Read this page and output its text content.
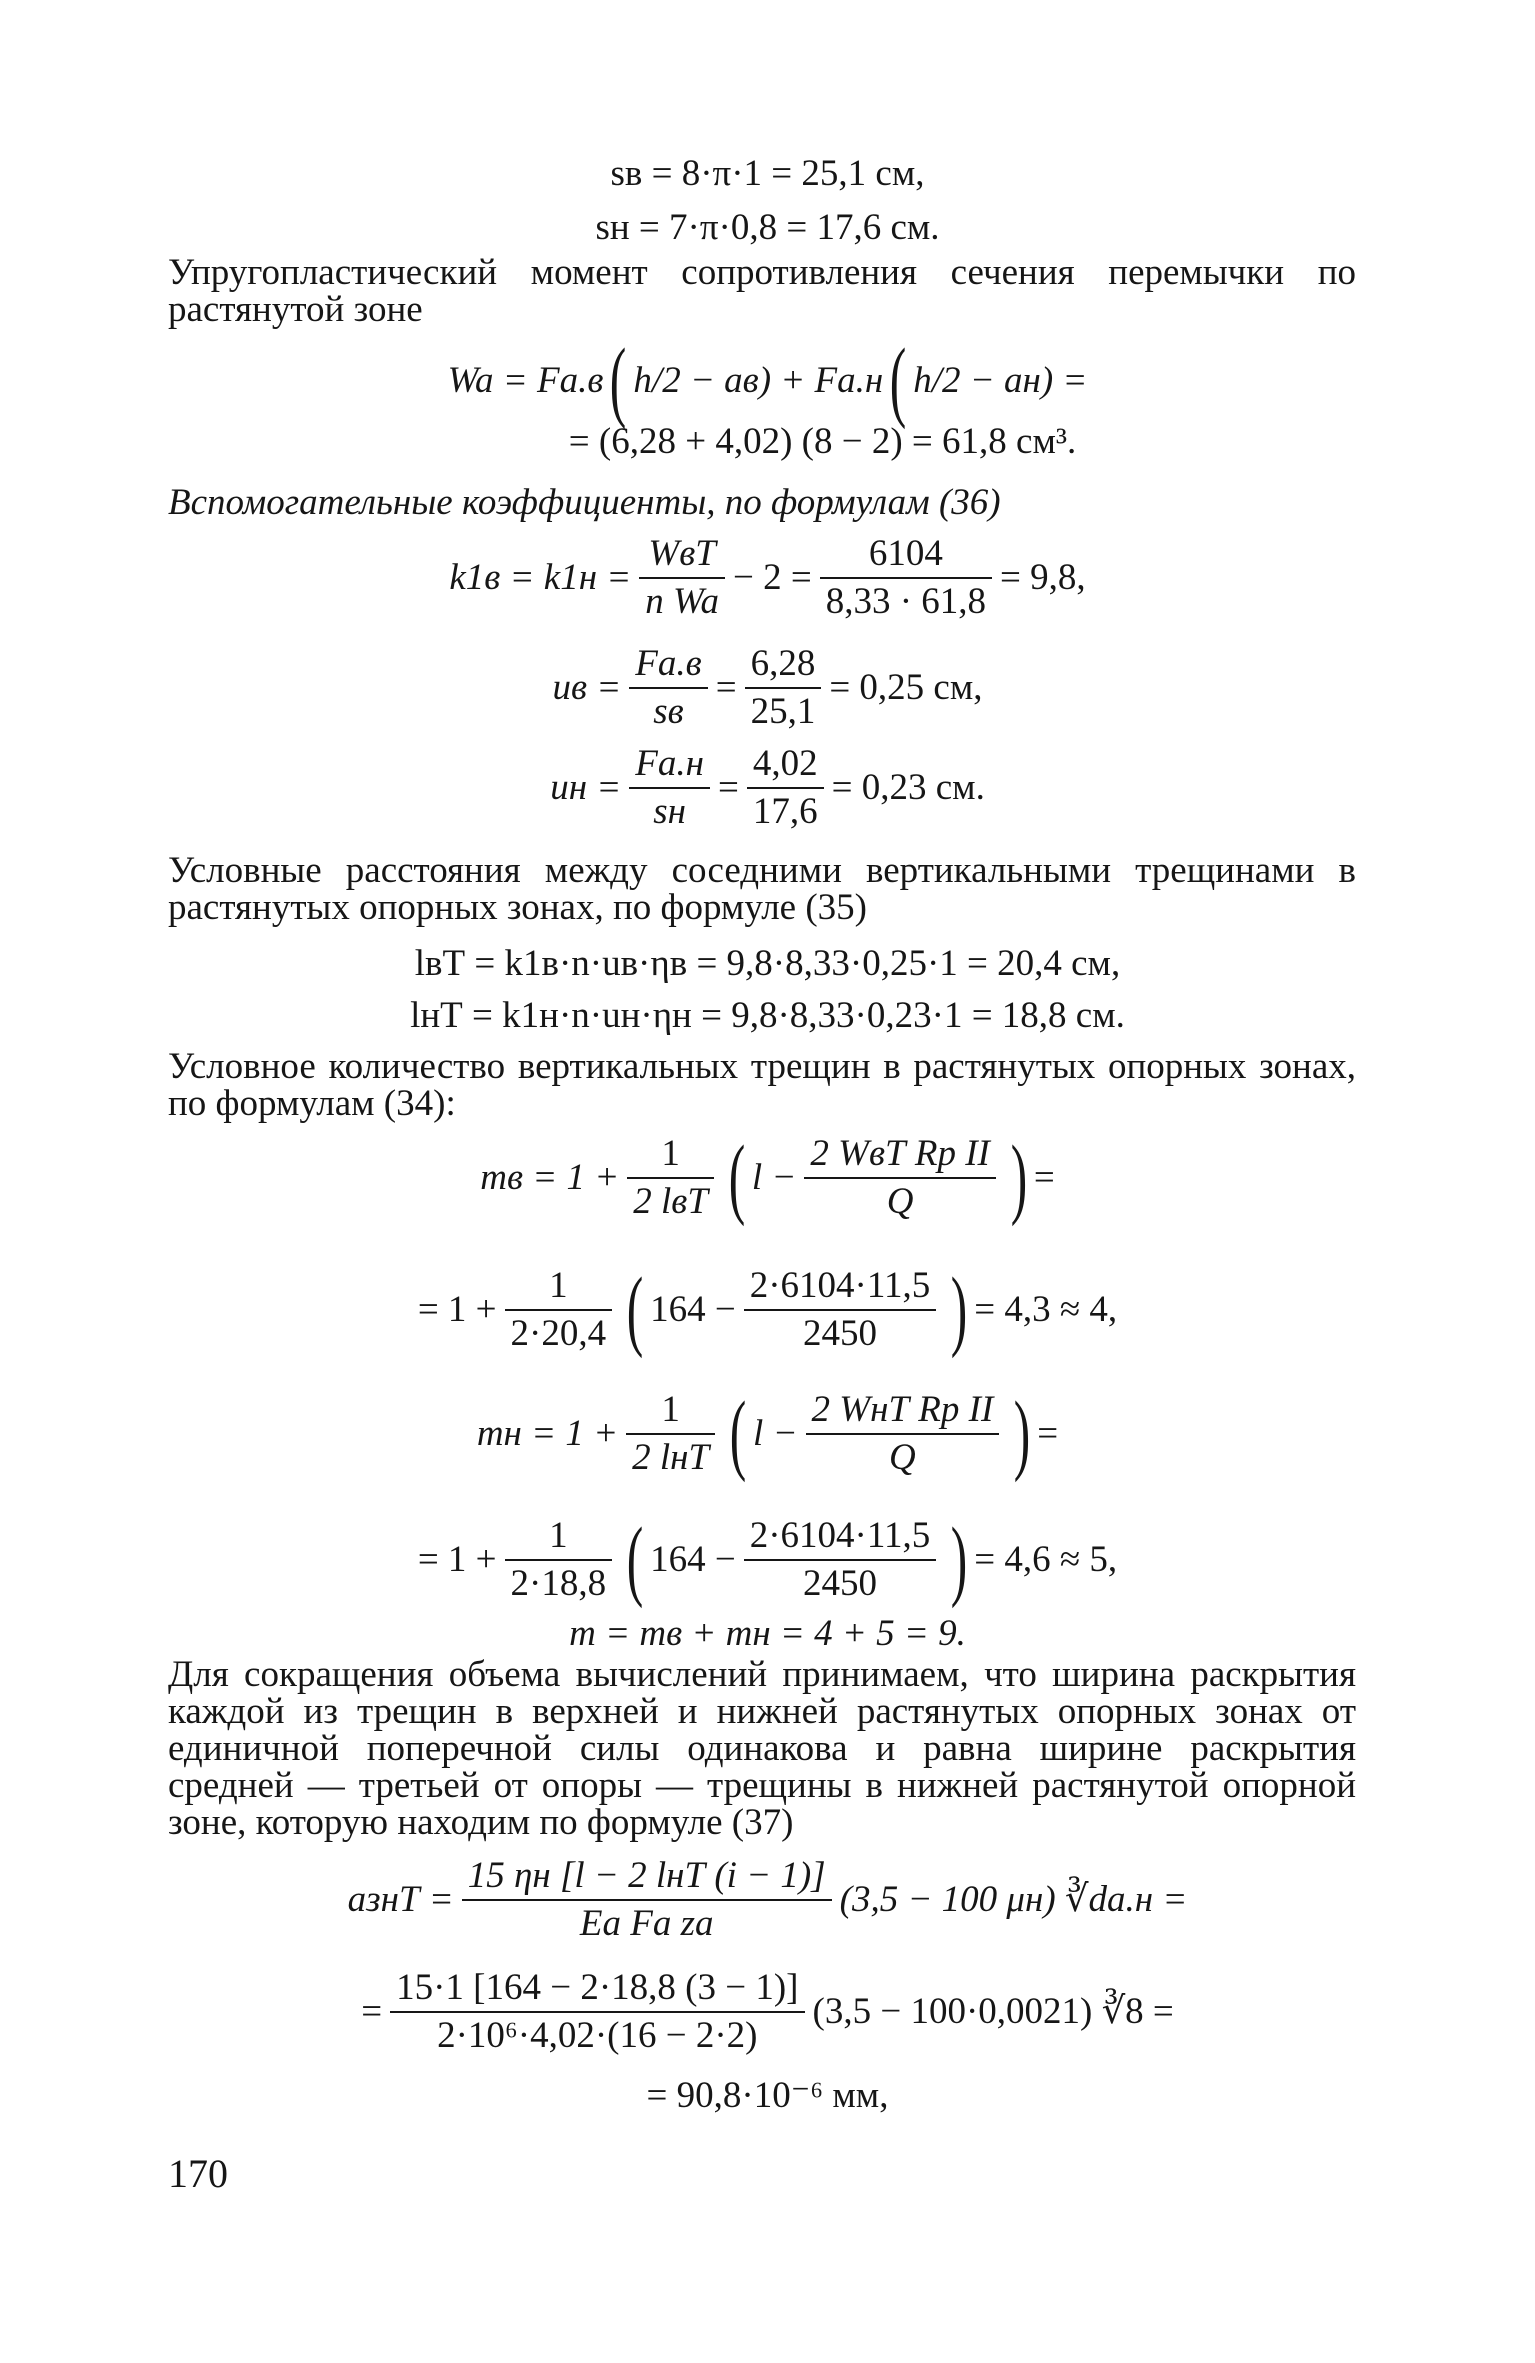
sв = 8·π·1 = 25,1 см,
sн = 7·π·0,8 = 17,6 см.
Упругопластический момент сопротивления сечения перемычки по растянутой зоне
Wa = Fа.в ( h/2 − aв) + Fа.н ( h/2 − aн) =
= (6,28 + 4,02) (8 − 2) = 61,8 см³.
Вспомогательные коэффициенты, по формулам (36)
k1в = k1н =
WвТ
n Wa
− $2 = \frac{6104}{8,33 \cdot 61,8} = 9,8$,
uв =
Fа.в
sв
= $\frac{6,28}{25,1} = 0,25$ см,
uн =
Fа.н
sн
= $\frac{4,02}{17,6} = 0,23$ см.
Условные расстояния между соседними вертикальными трещинами в растянутых опорных зонах, по формуле (35)
lвТ = k1в·n·uв·ηв = 9,8·8,33·0,25·1 = 20,4 см,
lнТ = k1н·n·uн·ηн = 9,8·8,33·0,23·1 = 18,8 см.
Условное количество вертикальных трещин в растянутых опорных зонах, по формулам (34):
mв = 1 +
1
2 lвТ ( l −
2 WвТ Rр II
Q	) =
= $1 + \frac{1}{2\cdot 20,4}$ ( $164 - \frac{2\cdot 6104\cdot 11,5}{2450}$ ) = 4,3 ≈ 4,
mн = 1 +
1
2 lнТ ( l −
2 WнТ Rр II
Q	) =
= $1 + \frac{1}{2\cdot 18,8}$ ( $164 - \frac{2\cdot 6104\cdot 11,5}{2450}$ ) = 4,6 ≈ 5,
m = mв + mн = 4 + 5 = 9.
Для сокращения объема вычислений принимаем, что ширина раскрытия каждой из трещин в верхней и нижней растянутых опорных зонах от единичной поперечной силы одинакова и равна ширине раскрытия средней — третьей от опоры — трещины в нижней растянутой опорной зоне, которую находим по формуле (37)
aзнТ =
15 ηн [l − 2 lнТ (i − 1)]
Ea Fa za
(3,5 − 100 μн) ∛dа.н =
= $\frac{15\cdot 1 [164 - 2\cdot 18,8 (3 - 1)]}{\text{2·10⁶·4,02·(16 − 2·2)}} (3,5 - 100\cdot 0,0021)$ ∛8 =
= 90,8·10⁻⁶ мм,
170
